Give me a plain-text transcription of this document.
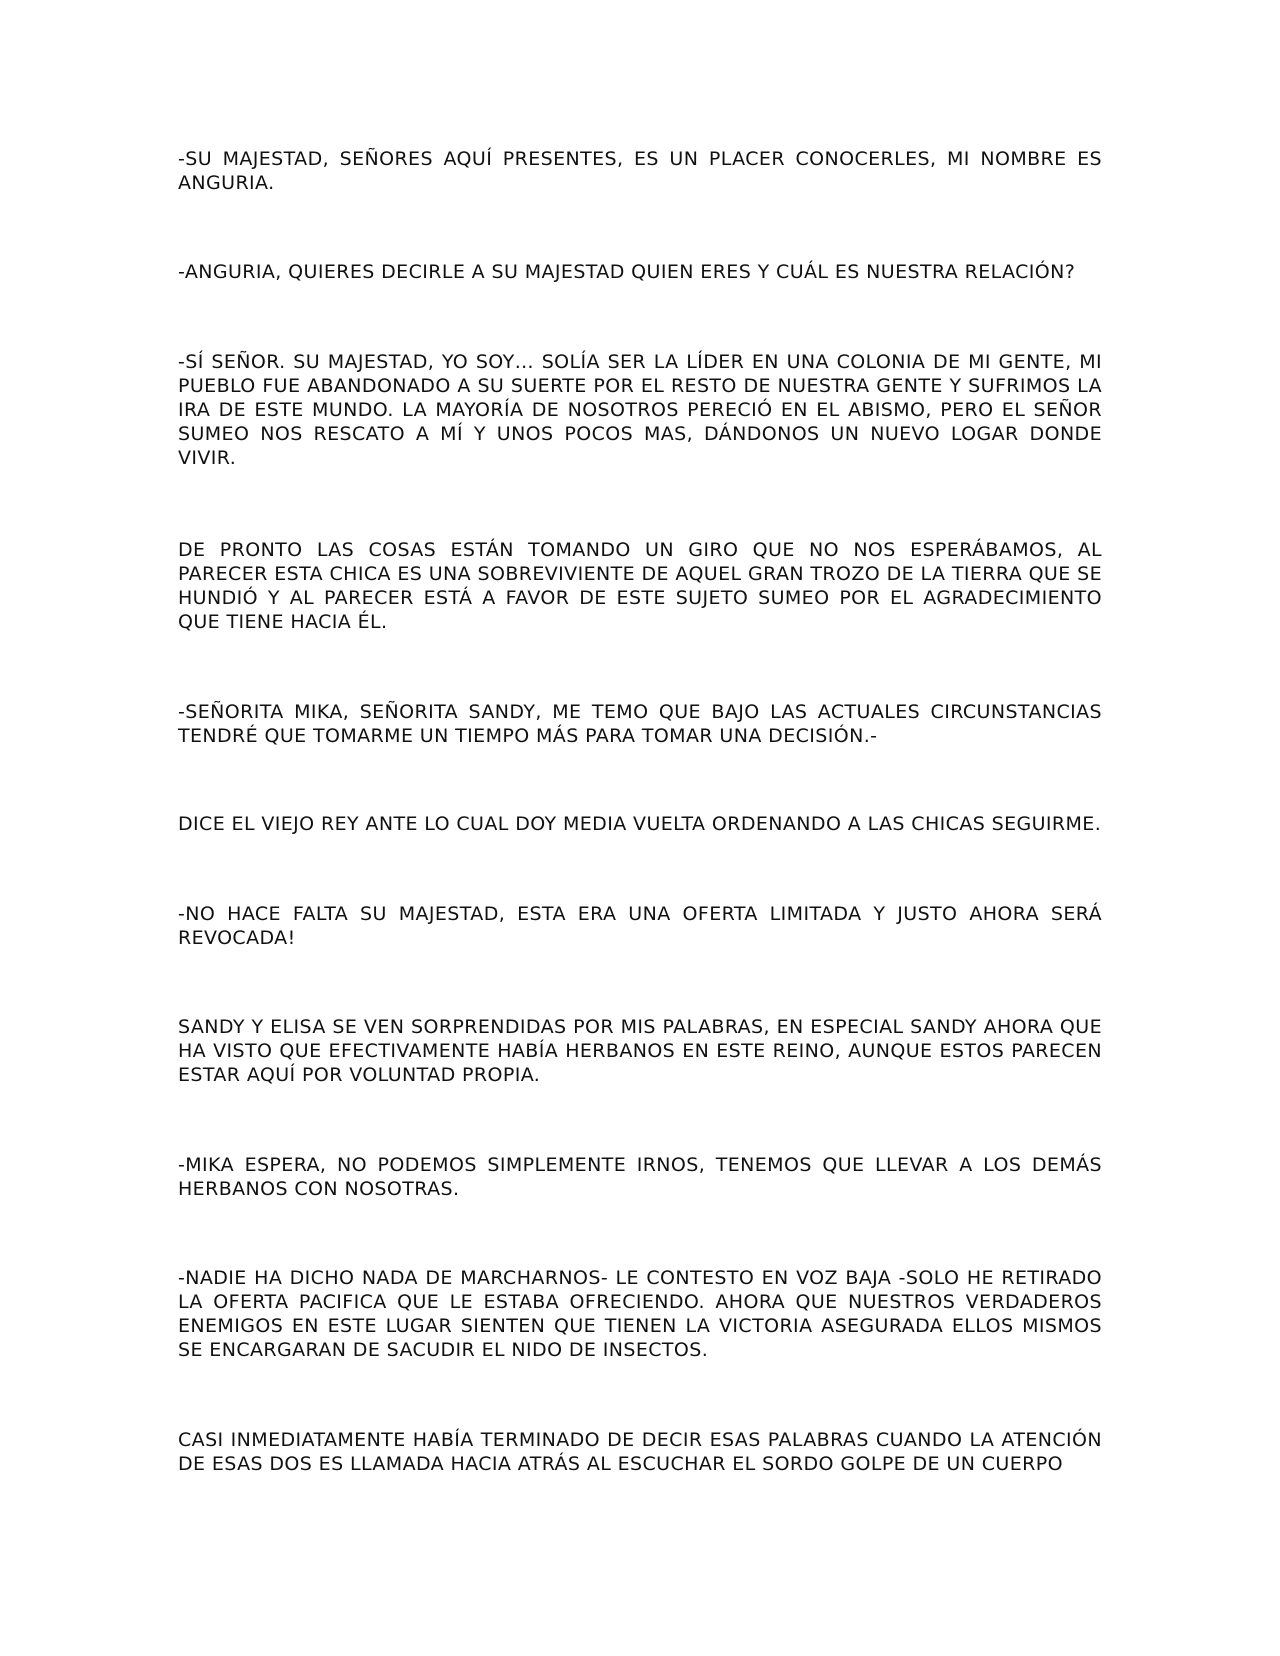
-SU MAJESTAD, SEÑORES AQUÍ PRESENTES, ES UN PLACER CONOCERLES, MI NOMBRE ES ANGURIA.

-ANGURIA, QUIERES DECIRLE A SU MAJESTAD QUIEN ERES Y CUÁL ES NUESTRA RELACIÓN?

-SÍ SEÑOR. SU MAJESTAD, YO SOY… SOLÍA SER LA LÍDER EN UNA COLONIA DE MI GENTE, MI PUEBLO FUE ABANDONADO A SU SUERTE POR EL RESTO DE NUESTRA GENTE Y SUFRIMOS LA IRA DE ESTE MUNDO. LA MAYORÍA DE NOSOTROS PERECIÓ EN EL ABISMO, PERO EL SEÑOR SUMEO NOS RESCATO A MÍ Y UNOS POCOS MAS, DÁNDONOS UN NUEVO LOGAR DONDE VIVIR.

DE PRONTO LAS COSAS ESTÁN TOMANDO UN GIRO QUE NO NOS ESPERÁBAMOS, AL PARECER ESTA CHICA ES UNA SOBREVIVIENTE DE AQUEL GRAN TROZO DE LA TIERRA QUE SE HUNDIÓ Y AL PARECER ESTÁ A FAVOR DE ESTE SUJETO SUMEO POR EL AGRADECIMIENTO QUE TIENE HACIA ÉL.

-SEÑORITA MIKA, SEÑORITA SANDY, ME TEMO QUE BAJO LAS ACTUALES CIRCUNSTANCIAS TENDRÉ QUE TOMARME UN TIEMPO MÁS PARA TOMAR UNA DECISIÓN.-

DICE EL VIEJO REY ANTE LO CUAL DOY MEDIA VUELTA ORDENANDO A LAS CHICAS SEGUIRME.

-NO HACE FALTA SU MAJESTAD, ESTA ERA UNA OFERTA LIMITADA Y JUSTO AHORA SERÁ REVOCADA!

SANDY Y ELISA SE VEN SORPRENDIDAS POR MIS PALABRAS, EN ESPECIAL SANDY AHORA QUE HA VISTO QUE EFECTIVAMENTE HABÍA HERBANOS EN ESTE REINO, AUNQUE ESTOS PARECEN ESTAR AQUÍ POR VOLUNTAD PROPIA.

-MIKA ESPERA, NO PODEMOS SIMPLEMENTE IRNOS, TENEMOS QUE LLEVAR A LOS DEMÁS HERBANOS CON NOSOTRAS.

-NADIE HA DICHO NADA DE MARCHARNOS- LE CONTESTO EN VOZ BAJA -SOLO HE RETIRADO LA OFERTA PACIFICA QUE LE ESTABA OFRECIENDO. AHORA QUE NUESTROS VERDADEROS ENEMIGOS EN ESTE LUGAR SIENTEN QUE TIENEN LA VICTORIA ASEGURADA ELLOS MISMOS SE ENCARGARAN DE SACUDIR EL NIDO DE INSECTOS.

CASI INMEDIATAMENTE HABÍA TERMINADO DE DECIR ESAS PALABRAS CUANDO LA ATENCIÓN DE ESAS DOS ES LLAMADA HACIA ATRÁS AL ESCUCHAR EL SORDO GOLPE DE UN CUERPO
